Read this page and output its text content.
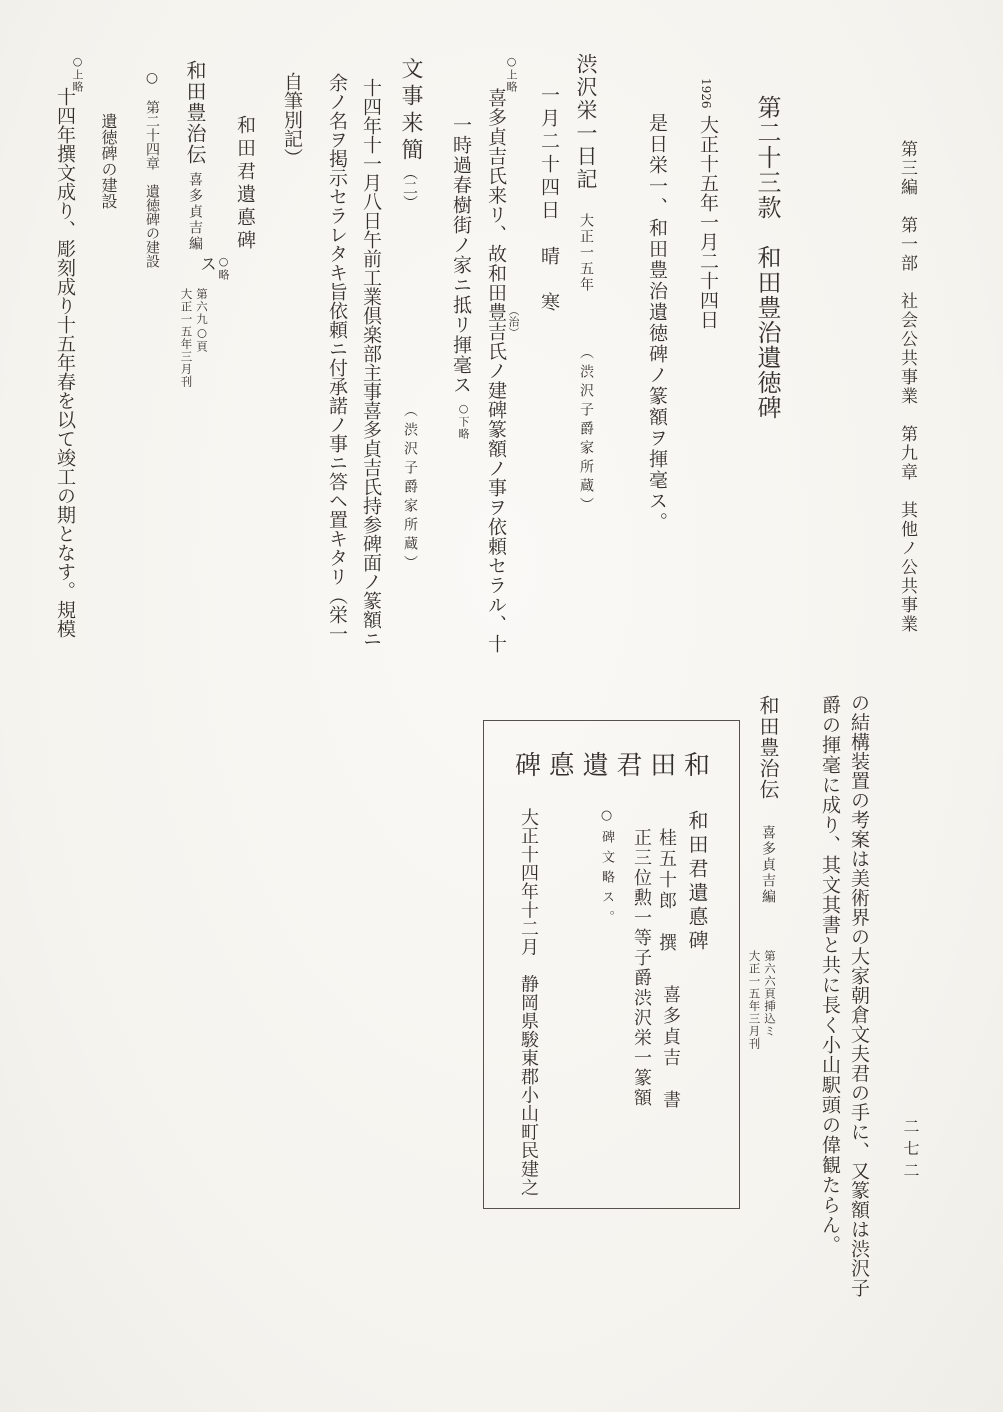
第三編　第一部　社会公共事業　第九章　其他ノ公共事業
二七二
第二十三款　和田豊治遺徳碑
1926
大正十五年一月二十四日
是日栄一、和田豊治遺徳碑ノ篆額ヲ揮毫ス。
渋沢栄一日記
大正一五年
︵渋沢子爵家所蔵︶
一月二十四日　晴　寒
○上略
喜多貞吉氏来リ、故和田豊吉氏ノ建碑篆額ノ事ヲ依頼セラル、十 ︵治︶
一時過春樹街ノ家ニ抵リ揮毫ス
○下略
文事来簡︵二︶
︵渋沢子爵家所蔵︶
十四年十一月八日午前工業倶楽部主事喜多貞吉氏持参碑面ノ篆額ニ
余ノ名ヲ掲示セラレタキ旨依頼ニ付承諾ノ事ニ答ヘ置キタリ︵栄一
自筆別記︶
和田君遺悳碑
○略
ス
和田豊治伝
喜多貞吉編
第六九○頁
大正一五年三月刊
○　第二十四章　遺徳碑の建設
遺徳碑の建設
○上略
十四年撰文成り、彫刻成り十五年春を以て竣工の期となす。規模
の結構装置の考案は美術界の大家朝倉文夫君の手に、又篆額は渋沢子
爵の揮毫に成り、其文其書と共に長く小山駅頭の偉観たらん。
和田豊治伝
喜多貞吉編
第六六頁挿込ミ
大正一五年三月刊
碑 悳 遺 君 田 和
和田君遺悳碑
桂五十郎　撰
喜多貞吉　書
正三位勲一等子爵渋沢栄一篆額
○碑文略ス。
大正十四年十二月　静岡県駿東郡小山町民建之
